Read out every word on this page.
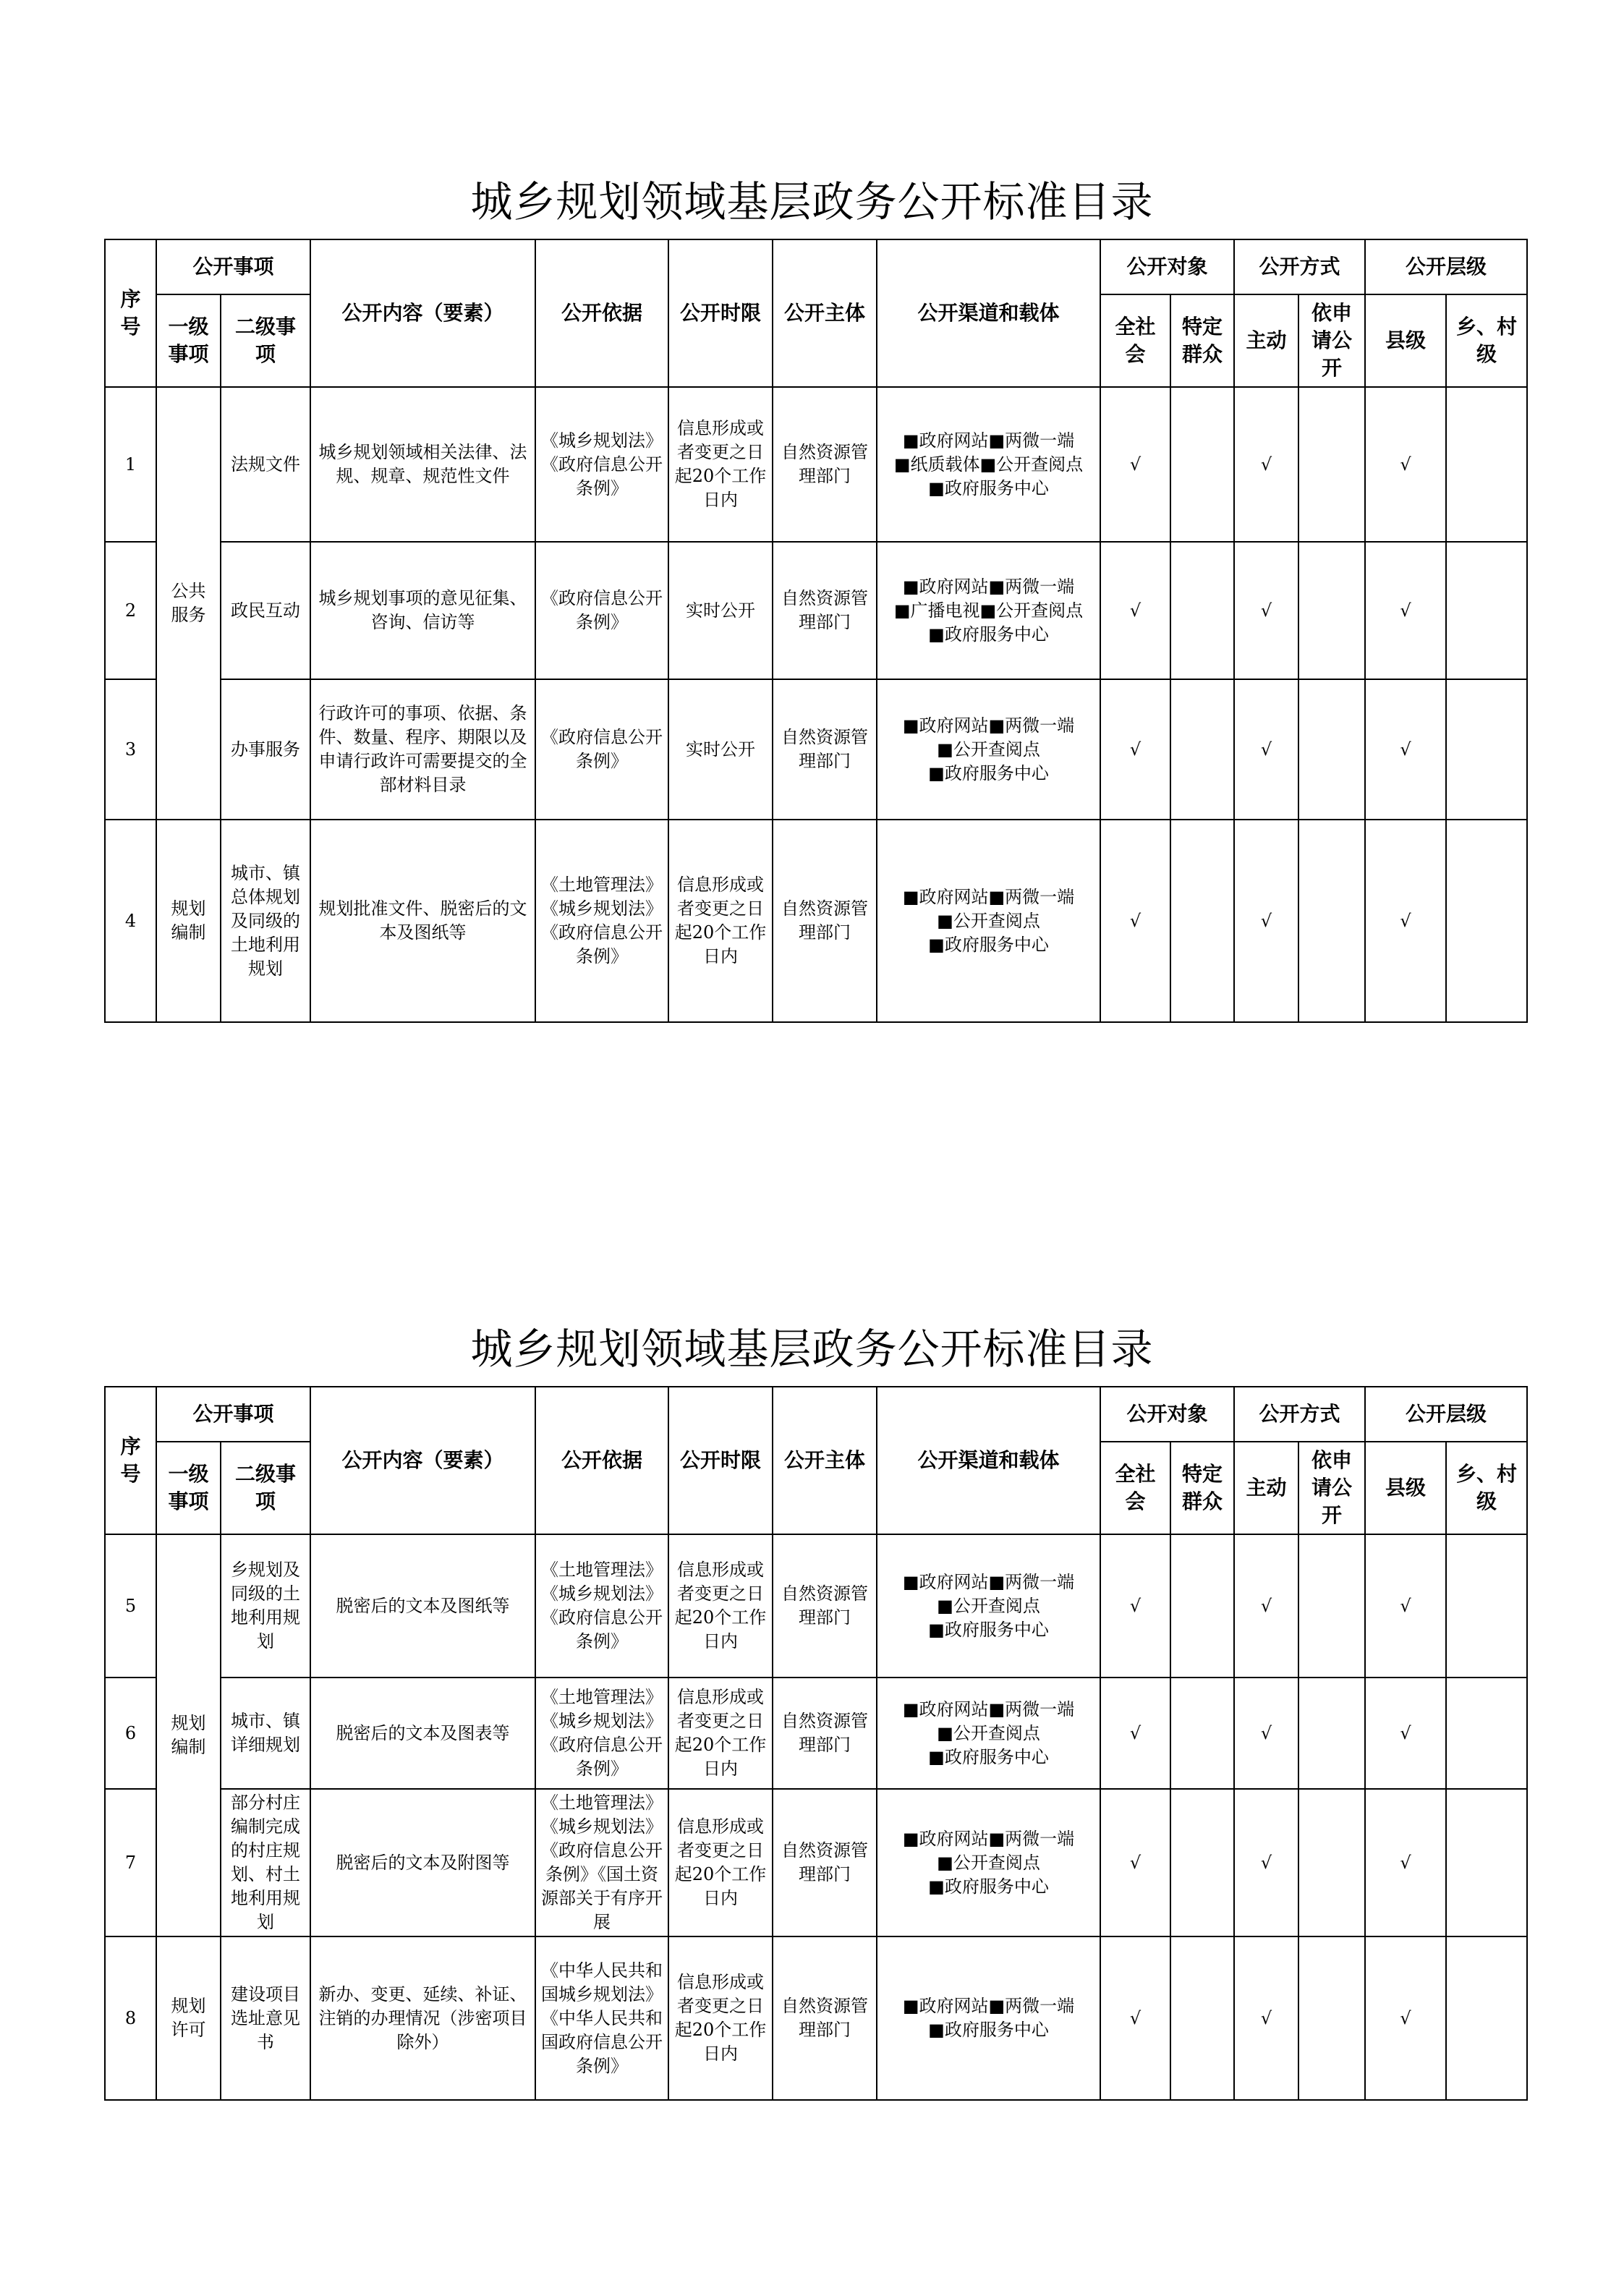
城乡规划领域基层政务公开标准目录
序
号	公开事项		公开内容（要素）	公开依据	公开时限	公开主体	公开渠道和载体	公开对象		公开方式		公开层级	

	一级
事项	二级事
项						全社
会	特定
群众	主动	依申
请公
开	县级	乡、村
级

1	公共
服务	法规文件	城乡规划领域相关法律、法规、规章、规范性文件	《城乡规划法》《政府信息公开条例》	信息形成或者变更之日起20个工作日内	自然资源管理部门	■政府网站■两微一端
■纸质载体■公开查阅点
■政府服务中心	√		√		√	
2		政民互动	城乡规划事项的意见征集、咨询、信访等	《政府信息公开条例》	实时公开	自然资源管理部门	■政府网站■两微一端
■广播电视■公开查阅点
■政府服务中心	√		√		√	
3		办事服务	行政许可的事项、依据、条件、数量、程序、期限以及申请行政许可需要提交的全部材料目录	《政府信息公开条例》	实时公开	自然资源管理部门	■政府网站■两微一端
■公开查阅点
■政府服务中心	√		√		√	
4	规划
编制	城市、镇总体规划及同级的土地利用规划	规划批准文件、脱密后的文本及图纸等	《土地管理法》《城乡规划法》《政府信息公开条例》	信息形成或者变更之日起20个工作日内	自然资源管理部门	■政府网站■两微一端
■公开查阅点
■政府服务中心	√		√		√	
城乡规划领域基层政务公开标准目录
序
号	公开事项		公开内容（要素）	公开依据	公开时限	公开主体	公开渠道和载体	公开对象		公开方式		公开层级	

	一级
事项	二级事
项						全社
会	特定
群众	主动	依申
请公
开	县级	乡、村
级

5	规划
编制	乡规划及同级的土地利用规划	脱密后的文本及图纸等	《土地管理法》《城乡规划法》《政府信息公开条例》	信息形成或者变更之日起20个工作日内	自然资源管理部门	■政府网站■两微一端
■公开查阅点
■政府服务中心	√		√		√	
6		城市、镇详细规划	脱密后的文本及图表等	《土地管理法》《城乡规划法》《政府信息公开条例》	信息形成或者变更之日起20个工作日内	自然资源管理部门	■政府网站■两微一端
■公开查阅点
■政府服务中心	√		√		√	
7		部分村庄编制完成的村庄规划、村土地利用规划	脱密后的文本及附图等	《土地管理法》《城乡规划法》《政府信息公开条例》《国土资源部关于有序开展	信息形成或者变更之日起20个工作日内	自然资源管理部门	■政府网站■两微一端
■公开查阅点
■政府服务中心	√		√		√	
8	规划
许可	建设项目选址意见书	新办、变更、延续、补证、注销的办理情况（涉密项目除外）	《中华人民共和国城乡规划法》《中华人民共和国政府信息公开条例》	信息形成或者变更之日起20个工作日内	自然资源管理部门	■政府网站■两微一端
■政府服务中心	√		√		√	
